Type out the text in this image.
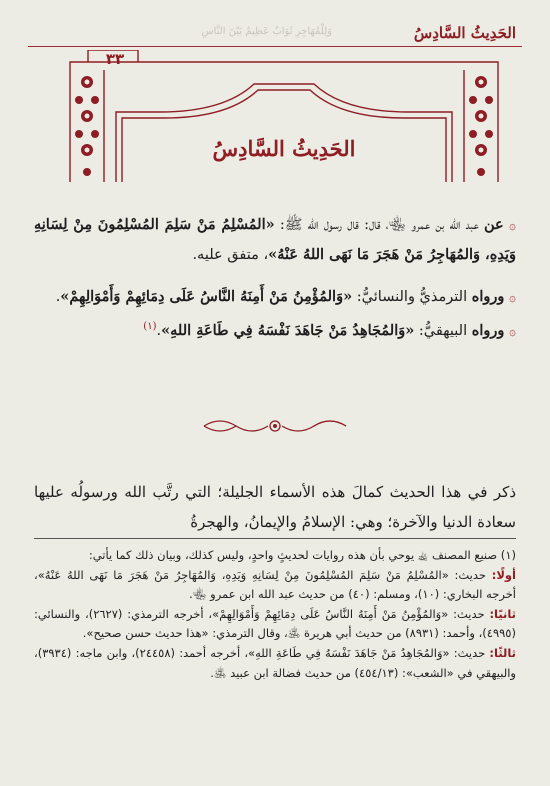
الحَدِيثُ السَّادِسُ
وَلِلْمُهَاجِرِ ثَوَابٌ عَظِيمٌ بَيْنَ النَّاسِ
٣٣
الحَدِيثُ السَّادِسُ

۞ عن عبد الله بن عمرو ﵄، قال: قال رسول الله ﷺ: «المُسْلِمُ مَنْ سَلِمَ المُسْلِمُونَ مِنْ لِسَانِهِ وَيَدِهِ، وَالمُهَاجِرُ مَنْ هَجَرَ مَا نَهَى اللهُ عَنْهُ»، متفق عليه.

۞ ورواه الترمذيُّ والنسائيُّ: «وَالمُؤْمِنُ مَنْ أَمِنَهُ النَّاسُ عَلَى دِمَائِهِمْ وَأَمْوَالِهِمْ».

۞ ورواه البيهقيُّ: «وَالمُجَاهِدُ مَنْ جَاهَدَ نَفْسَهُ فِي طَاعَةِ اللهِ».$^{(١)}$

ذكر في هذا الحديث كمالَ هذه الأسماء الجليلة؛ التي رتَّب الله ورسولُه عليها سعادة الدنيا والآخرة؛ وهي: الإسلامُ والإيمانُ، والهجرةُ

(١) صنيع المصنف ﵀ يوحي بأن هذه روايات لحديثٍ واحدٍ، وليس كذلك، وبيان ذلك كما يأتي:

أولًا: حديث: «المُسْلِمُ مَنْ سَلِمَ المُسْلِمُونَ مِنْ لِسَانِهِ وَيَدِهِ، وَالمُهَاجِرُ مَنْ هَجَرَ مَا نَهَى اللهُ عَنْهُ»، أخرجه البخاري: (١٠)، ومسلم: (٤٠) من حديث عبد الله ابن عمرو ﵄.

ثانيًا: حديث: «وَالمُؤْمِنُ مَنْ أَمِنَهُ النَّاسُ عَلَى دِمَائِهِمْ وَأَمْوَالِهِمْ»، أخرجه الترمذي: (٢٦٢٧)، والنسائي: (٤٩٩٥)، وأحمد: (٨٩٣١) من حديث أبي هريرة ﵁، وقال الترمذي: «هذا حديث حسن صحيح».

ثالثًا: حديث: «وَالمُجَاهِدُ مَنْ جَاهَدَ نَفْسَهُ فِي طَاعَةِ اللهِ»، أخرجه أحمد: (٢٤٤٥٨)، وابن ماجه: (٣٩٣٤)، والبيهقي في «الشعب»: (٤٥٤/١٣) من حديث فضالة ابن عبيد ﵁.
